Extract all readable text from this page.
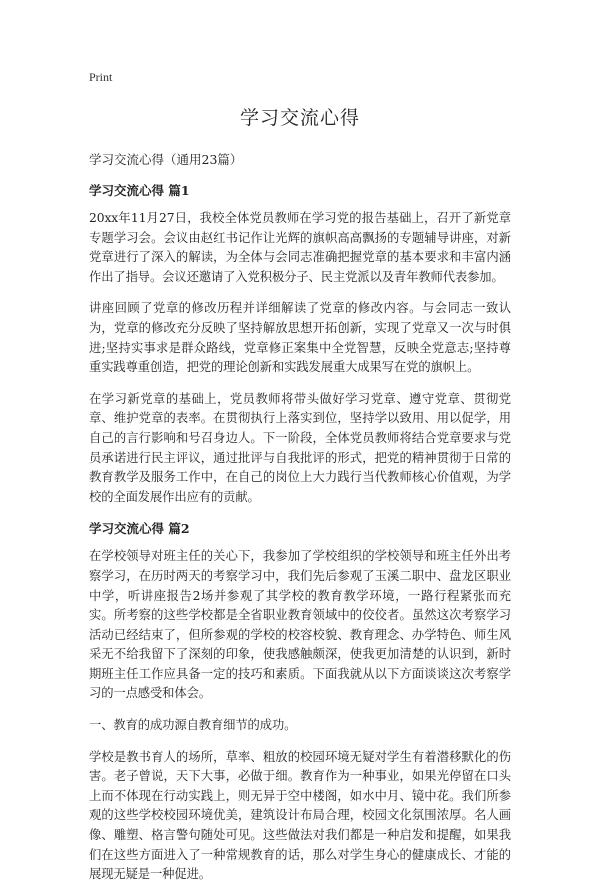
Print

学习交流心得

学习交流心得（通用23篇）

学习交流心得 篇1

20xx年11月27日，我校全体党员教师在学习党的报告基础上，召开了新党章专题学习会。会议由赵红书记作让光辉的旗帜高高飘扬的专题辅导讲座，对新党章进行了深入的解读，为全体与会同志准确把握党章的基本要求和丰富内涵作出了指导。会议还邀请了入党积极分子、民主党派以及青年教师代表参加。

讲座回顾了党章的修改历程并详细解读了党章的修改内容。与会同志一致认为，党章的修改充分反映了坚持解放思想开拓创新，实现了党章又一次与时俱进;坚持实事求是群众路线，党章修正案集中全党智慧，反映全党意志;坚持尊重实践尊重创造，把党的理论创新和实践发展重大成果写在党的旗帜上。

在学习新党章的基础上，党员教师将带头做好学习党章、遵守党章、贯彻党章、维护党章的表率。在贯彻执行上落实到位，坚持学以致用、用以促学，用自己的言行影响和号召身边人。下一阶段，全体党员教师将结合党章要求与党员承诺进行民主评议，通过批评与自我批评的形式，把党的精神贯彻于日常的教育教学及服务工作中，在自己的岗位上大力践行当代教师核心价值观，为学校的全面发展作出应有的贡献。

学习交流心得 篇2

在学校领导对班主任的关心下，我参加了学校组织的学校领导和班主任外出考察学习，在历时两天的考察学习中，我们先后参观了玉溪二职中、盘龙区职业中学，听讲座报告2场并参观了其学校的教育教学环境，一路行程紧张而充实。所考察的这些学校都是全省职业教育领域中的佼佼者。虽然这次考察学习活动已经结束了，但所参观的学校的校容校貌、教育理念、办学特色、师生风采无不给我留下了深刻的印象，使我感触颇深，使我更加清楚的认识到，新时期班主任工作应具备一定的技巧和素质。下面我就从以下方面谈谈这次考察学习的一点感受和体会。

一、教育的成功源自教育细节的成功。

学校是教书育人的场所，草率、粗放的校园环境无疑对学生有着潜移默化的伤害。老子曾说，天下大事，必做于细。教育作为一种事业，如果光停留在口头上而不体现在行动实践上，则无异于空中楼阁，如水中月、镜中花。我们所参观的这些学校校园环境优美，建筑设计布局合理，校园文化氛围浓厚。名人画像、雕塑、格言警句随处可见。这些做法对我们都是一种启发和提醒，如果我们在这些方面进入了一种常规教育的话，那么对学生身心的健康成长、才能的展现无疑是一种促进。
